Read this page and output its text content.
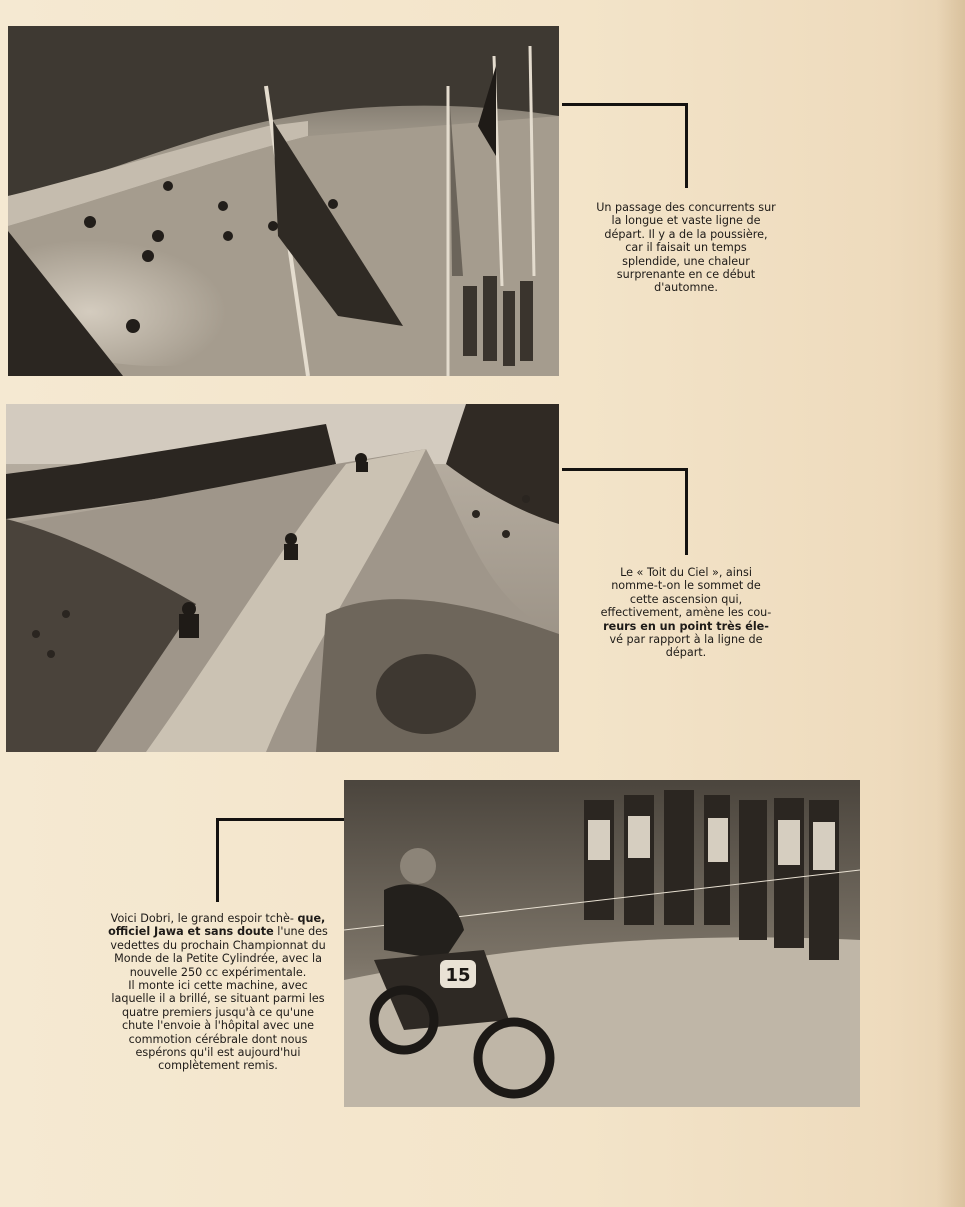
15
Un passage des concurrents sur la longue et vaste ligne de départ. Il y a de la poussière, car il faisait un temps splendide, une chaleur surprenante en ce début d'automne.
Le « Toit du Ciel », ainsi nomme-t-on le sommet de cette ascension qui, effectivement, amène les cou- reurs en un point très éle- vé par rapport à la ligne de départ.
Voici Dobri, le grand espoir tchè- que, officiel Jawa et sans doute l'une des vedettes du prochain Championnat du Monde de la Petite Cylindrée, avec la nouvelle 250 cc expérimentale.
Il monte ici cette machine, avec laquelle il a brillé, se situant parmi les quatre premiers jusqu'à ce qu'une chute l'envoie à l'hôpital avec une commotion cérébrale dont nous espérons qu'il est aujourd'hui complètement remis.
